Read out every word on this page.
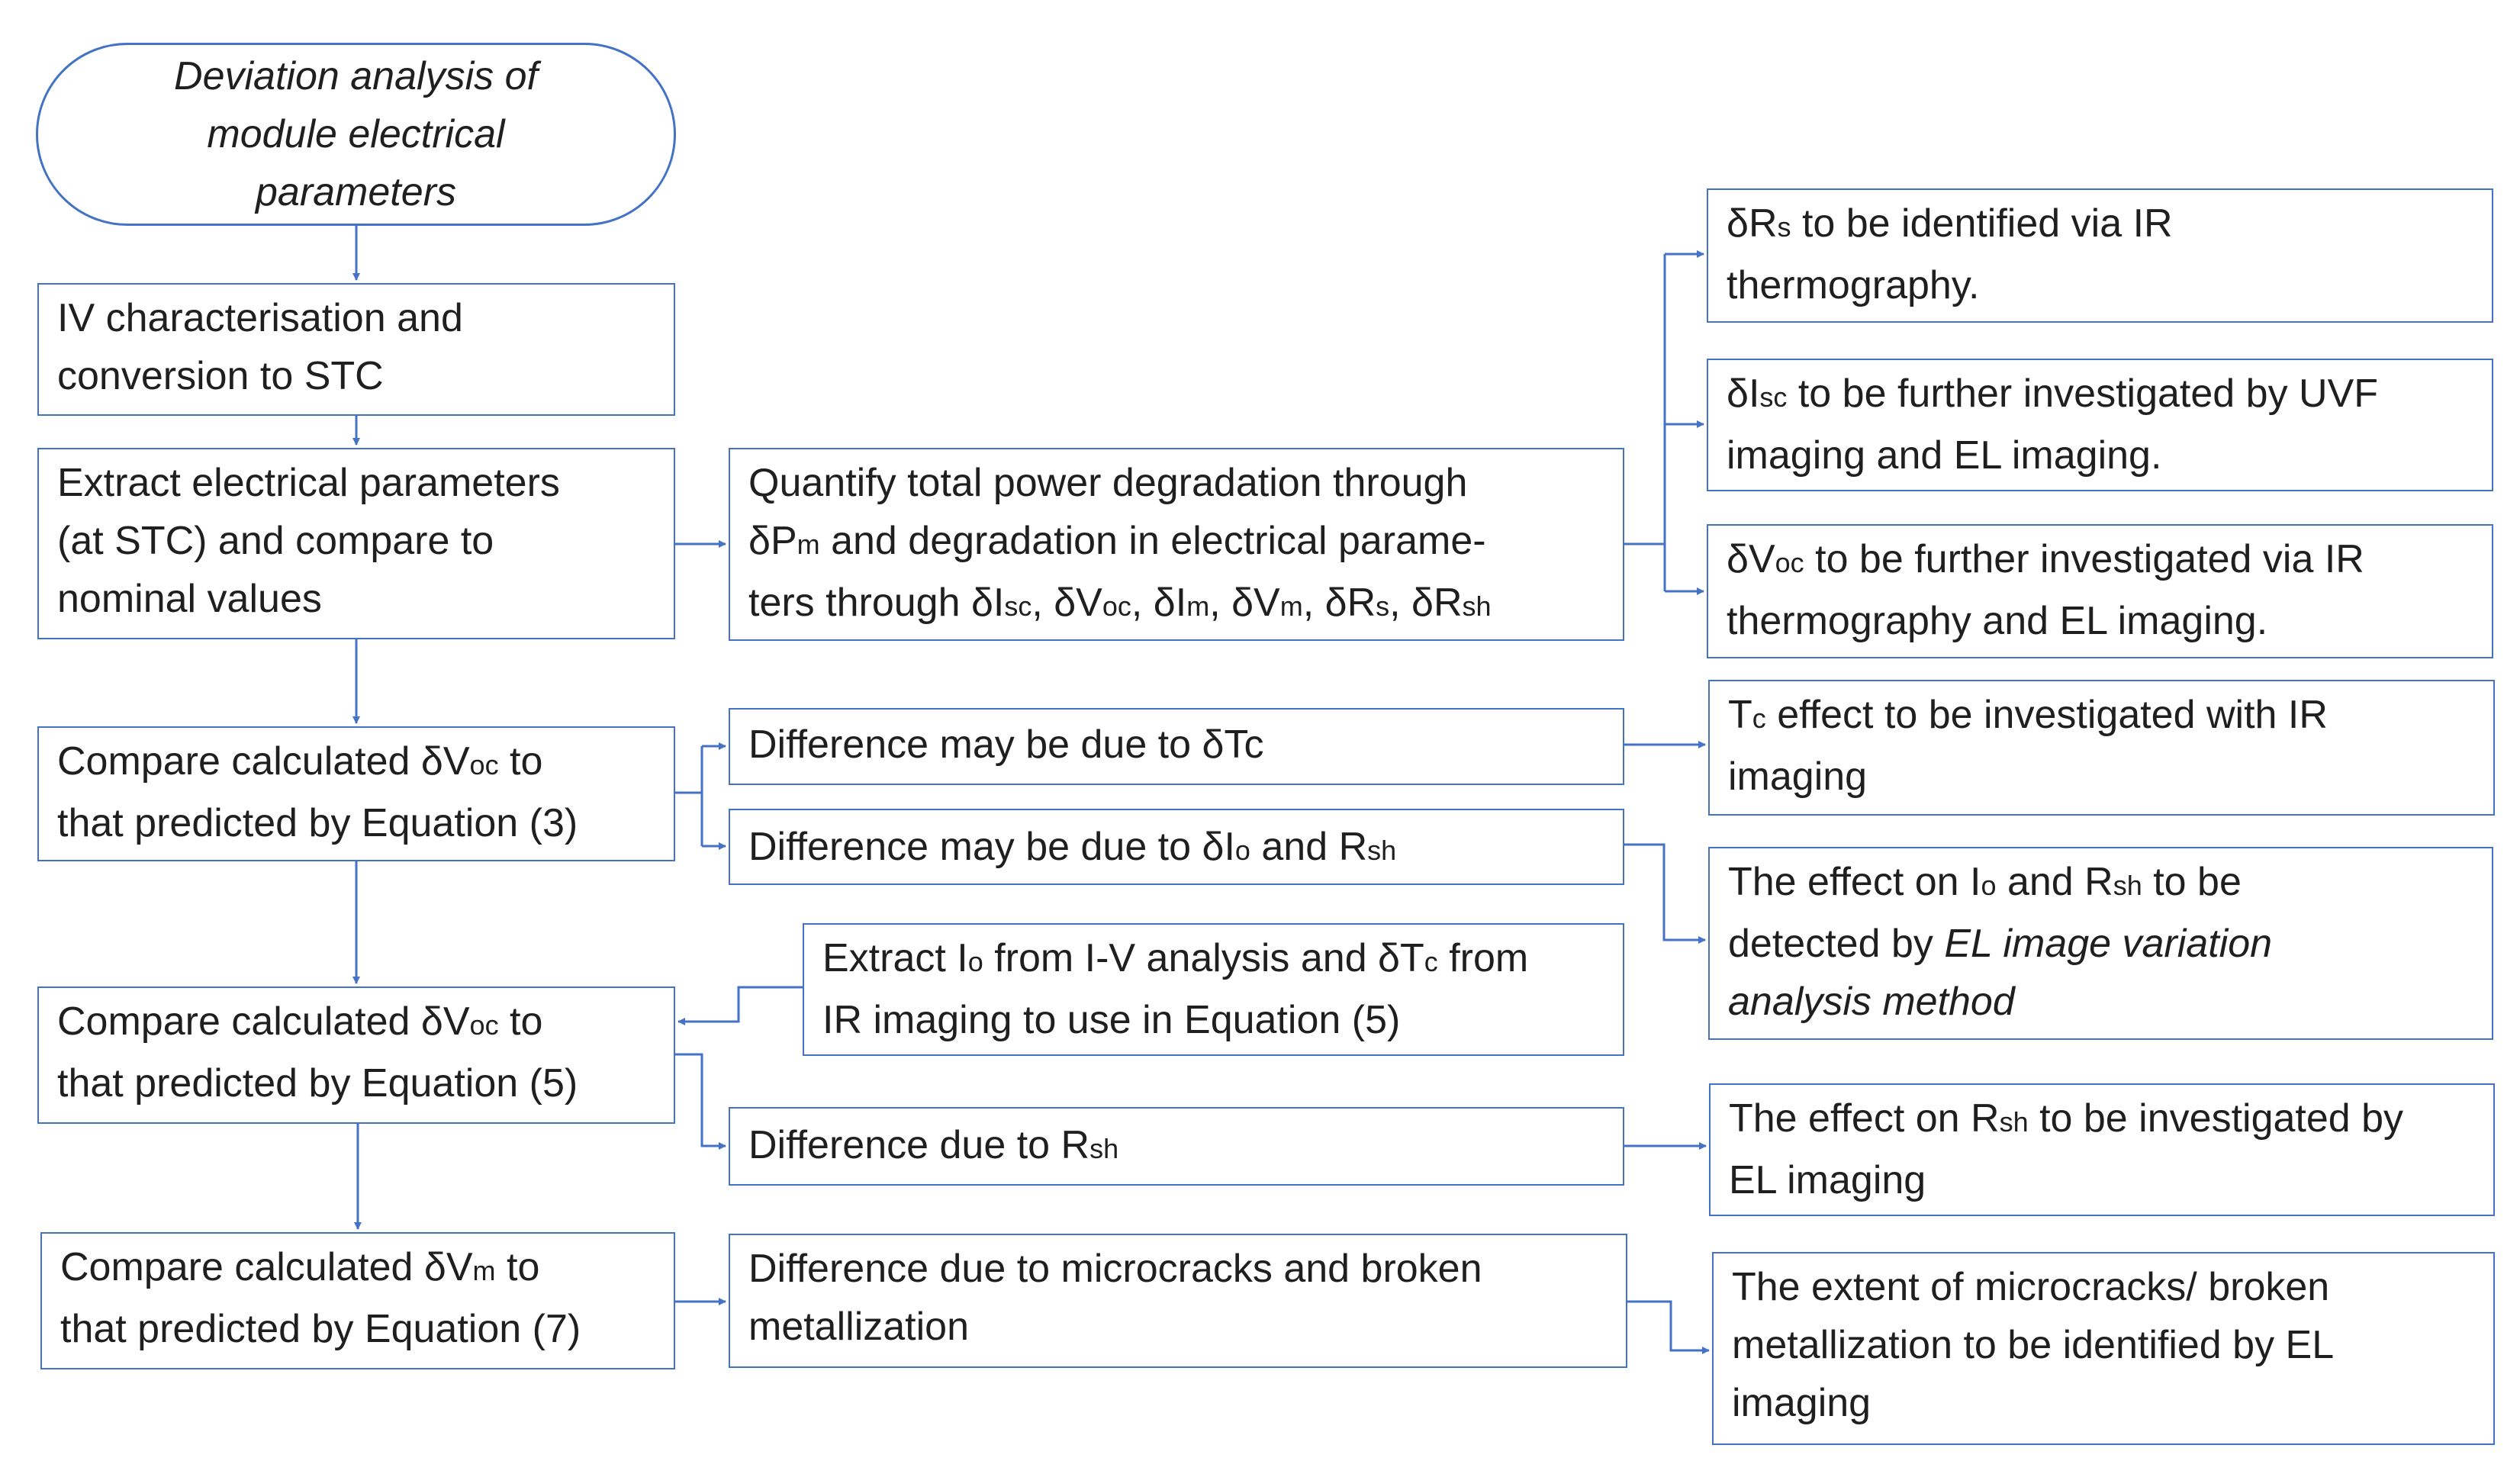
Deviation analysis of
module electrical
parameters
IV characterisation and
conversion to STC
Extract electrical parameters
(at STC) and compare to
nominal values
Compare calculated δVoc to
that predicted by Equation (3)
Compare calculated δVoc to
that predicted by Equation (5)
Compare calculated δVm to
that predicted by Equation (7)
Quantify total power degradation through
δPm and degradation in electrical parame-
ters through δIsc, δVoc, δIm, δVm, δRs, δRsh
Difference may be due to δTc
Difference may be due to δIo and Rsh
Extract Io from I-V analysis and δTc from
IR imaging to use in Equation (5)
Difference due to Rsh
Difference due to microcracks and broken
metallization
δRs to be identified via IR
thermography.
δIsc to be further investigated by UVF
imaging and EL imaging.
δVoc to be further investigated via IR
thermography and EL imaging.
Tc effect to be investigated with IR
imaging
The effect on Io and Rsh to be
detected by EL image variation
analysis method
The effect on Rsh to be investigated by
EL imaging
The extent of microcracks/ broken
metallization to be identified by EL
imaging
